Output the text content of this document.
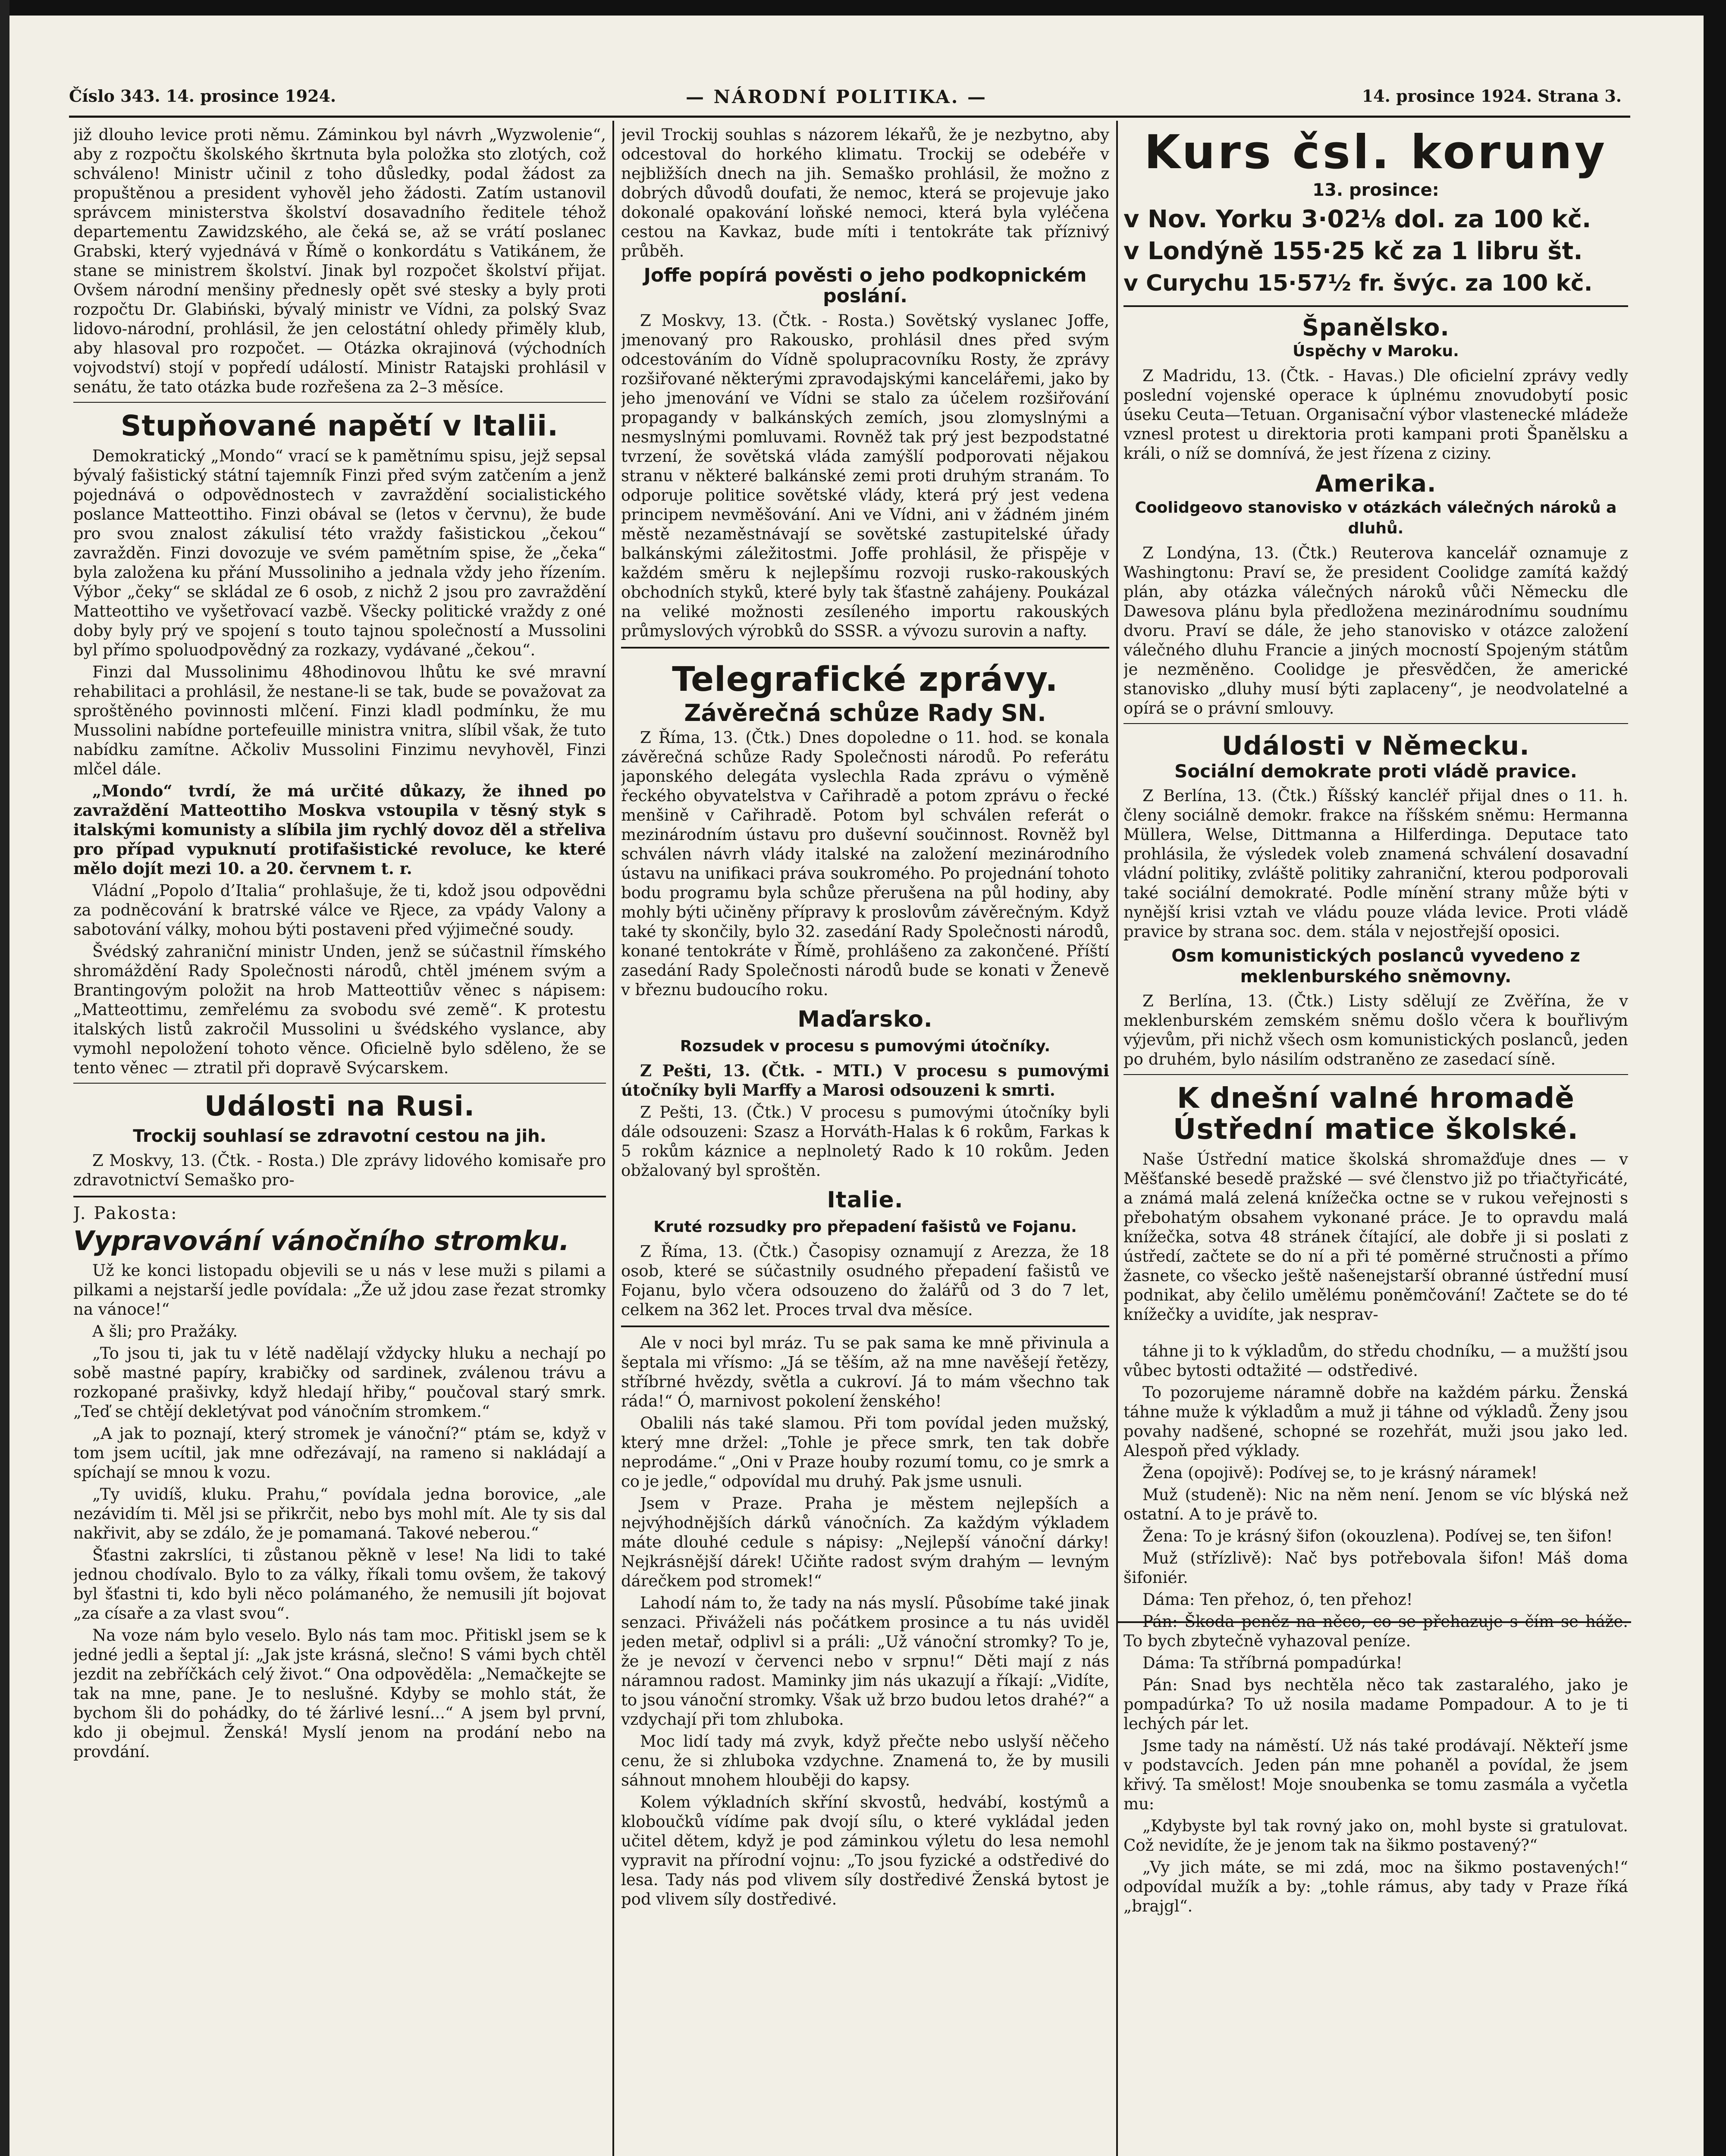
Číslo 343. 14. prosince 1924.	— NÁRODNÍ POLITIKA. —	14. prosince 1924. Strana 3.

již dlouho levice proti němu. Záminkou byl návrh „Wyzwolenie“, aby z rozpočtu školského škrtnuta byla položka sto zlotých, což schváleno! Ministr učinil z toho důsledky, podal žádost za propuštěnou a president vyhověl jeho žádosti. Zatím ustanovil správcem ministerstva školství dosavadního ředitele téhož departementu Zawidzského, ale čeká se, až se vrátí poslanec Grabski, který vyjednává v Římě o konkordátu s Vatikánem, že stane se ministrem školství. Jinak byl rozpočet školství přijat. Ovšem národní menšiny přednesly opět své stesky a byly proti rozpočtu Dr. Glabiński, bývalý ministr ve Vídni, za polský Svaz lidovo-národní, prohlásil, že jen celostátní ohledy přiměly klub, aby hlasoval pro rozpočet. — Otázka okrajinová (východních vojvodství) stojí v popředí událostí. Ministr Ratajski prohlásil v senátu, že tato otázka bude rozřešena za 2–3 měsíce.

Stupňované napětí v Italii.

Demokratický „Mondo“ vrací se k pamětnímu spisu, jejž sepsal bývalý fašistický státní tajemník Finzi před svým zatčením a jenž pojednává o odpovědnostech v zavraždění socialistického poslance Matteottiho. Finzi obával se (letos v červnu), že bude pro svou znalost zákulisí této vraždy fašistickou „čekou“ zavražděn. Finzi dovozuje ve svém pamětním spise, že „čeka“ byla založena ku přání Mussoliniho a jednala vždy jeho řízením. Výbor „čeky“ se skládal ze 6 osob, z nichž 2 jsou pro zavraždění Matteottiho ve vyšetřovací vazbě. Všecky politické vraždy z oné doby byly prý ve spojení s touto tajnou společností a Mussolini byl přímo spoluodpovědný za rozkazy, vydávané „čekou“.

Finzi dal Mussolinimu 48hodinovou lhůtu ke své mravní rehabilitaci a prohlásil, že nestane-li se tak, bude se považovat za sproštěného povinnosti mlčení. Finzi kladl podmínku, že mu Mussolini nabídne portefeuille ministra vnitra, slíbil však, že tuto nabídku zamítne. Ačkoliv Mussolini Finzimu nevyhověl, Finzi mlčel dále.

„Mondo“ tvrdí, že má určité důkazy, že ihned po zavraždění Matteottiho Moskva vstoupila v těsný styk s italskými komunisty a slíbila jim rychlý dovoz děl a střeliva pro případ vypuknutí protifašistické revoluce, ke které mělo dojít mezi 10. a 20. červnem t. r.

Vládní „Popolo d’Italia“ prohlašuje, že ti, kdož jsou odpovědni za podněcování k bratrské válce ve Rjece, za vpády Valony a sabotování války, mohou býti postaveni před výjimečné soudy.

Švédský zahraniční ministr Unden, jenž se súčastnil římského shromáždění Rady Společnosti národů, chtěl jménem svým a Brantingovým položit na hrob Matteottiův věnec s nápisem: „Matteottimu, zemřelému za svobodu své země“. K protestu italských listů zakročil Mussolini u švédského vyslance, aby vymohl nepoložení tohoto věnce. Oficielně bylo sděleno, že se tento věnec — ztratil při dopravě Svýcarskem.

Události na Rusi.
Trockij souhlasí se zdravotní cestou na jih.

Z Moskvy, 13. (Čtk. - Rosta.) Dle zprávy lidového komisaře pro zdravotnictví Semaško pro-

J. Pakosta:
Vypravování vánočního stromku.

Už ke konci listopadu objevili se u nás v lese muži s pilami a pilkami a nejstarší jedle povídala: „Že už jdou zase řezat stromky na vánoce!“

A šli; pro Pražáky.

„To jsou ti, jak tu v létě nadělají vždycky hluku a nechají po sobě mastné papíry, krabičky od sardinek, zválenou trávu a rozkopané prašivky, když hledají hřiby,“ poučoval starý smrk. „Teď se chtějí dekletývat pod vánočním stromkem.“

„A jak to poznají, který stromek je vánoční?“ ptám se, když v tom jsem ucítil, jak mne odřezávají, na rameno si nakládají a spíchají se mnou k vozu.

„Ty uvidíš, kluku. Prahu,“ povídala jedna borovice, „ale nezávidím ti. Měl jsi se přikrčit, nebo bys mohl mít. Ale ty sis dal nakřivit, aby se zdálo, že je pomamaná. Takové neberou.“

Šťastni zakrslíci, ti zůstanou pěkně v lese! Na lidi to také jednou chodívalo. Bylo to za války, říkali tomu ovšem, že takový byl šťastni ti, kdo byli něco polámaného, že nemusili jít bojovat „za císaře a za vlast svou“.

Na voze nám bylo veselo. Bylo nás tam moc. Přitiskl jsem se k jedné jedli a šeptal jí: „Jak jste krásná, slečno! S vámi bych chtěl jezdit na zebříčkách celý život.“ Ona odpověděla: „Nemačkejte se tak na mne, pane. Je to neslušné. Kdyby se mohlo stát, že bychom šli do pohádky, do té žárlivé lesní...“ A jsem byl první, kdo ji obejmul. Ženská! Myslí jenom na prodání nebo na provdání.

jevil Trockij souhlas s názorem lékařů, že je nezbytno, aby odcestoval do horkého klimatu. Trockij se odebéře v nejbližších dnech na jih. Semaško prohlásil, že možno z dobrých důvodů doufati, že nemoc, která se projevuje jako dokonalé opakování loňské nemoci, která byla vyléčena cestou na Kavkaz, bude míti i tentokráte tak příznivý průběh.

Joffe popírá pověsti o jeho podkopnickém poslání.

Z Moskvy, 13. (Čtk. - Rosta.) Sovětský vyslanec Joffe, jmenovaný pro Rakousko, prohlásil dnes před svým odcestováním do Vídně spolupracovníku Rosty, že zprávy rozšiřované některými zpravodajskými kancelářemi, jako by jeho jmenování ve Vídni se stalo za účelem rozšiřování propagandy v balkánských zemích, jsou zlomyslnými a nesmyslnými pomluvami. Rovněž tak prý jest bezpodstatné tvrzení, že sovětská vláda zamýšlí podporovati nějakou stranu v některé balkánské zemi proti druhým stranám. To odporuje politice sovětské vlády, která prý jest vedena principem nevměšování. Ani ve Vídni, ani v žádném jiném městě nezaměstnávají se sovětské zastupitelské úřady balkánskými záležitostmi. Joffe prohlásil, že přispěje v každém směru k nejlepšímu rozvoji rusko-rakouských obchodních styků, které byly tak šťastně zahájeny. Poukázal na veliké možnosti zesíleného importu rakouských průmyslových výrobků do SSSR. a vývozu surovin a nafty.

Telegrafické zprávy.
Závěrečná schůze Rady SN.

Z Říma, 13. (Čtk.) Dnes dopoledne o 11. hod. se konala závěrečná schůze Rady Společnosti národů. Po referátu japonského delegáta vyslechla Rada zprávu o výměně řeckého obyvatelstva v Cařihradě a potom zprávu o řecké menšině v Cařihradě. Potom byl schválen referát o mezinárodním ústavu pro duševní součinnost. Rovněž byl schválen návrh vlády italské na založení mezinárodního ústavu na unifikaci práva soukromého. Po projednání tohoto bodu programu byla schůze přerušena na půl hodiny, aby mohly býti učiněny přípravy k proslovům závěrečným. Když také ty skončily, bylo 32. zasedání Rady Společnosti národů, konané tentokráte v Římě, prohlášeno za zakončené. Příští zasedání Rady Společnosti národů bude se konati v Ženevě v březnu budoucího roku.

Maďarsko.
Rozsudek v procesu s pumovými útočníky.

Z Pešti, 13. (Čtk. - MTI.) V procesu s pumovými útočníky byli Marffy a Marosi odsouzeni k smrti.

Z Pešti, 13. (Čtk.) V procesu s pumovými útočníky byli dále odsouzeni: Szasz a Horváth-Halas k 6 rokům, Farkas k 5 rokům káznice a neplnoletý Rado k 10 rokům. Jeden obžalovaný byl sproštěn.

Italie.
Kruté rozsudky pro přepadení fašistů ve Fojanu.

Z Říma, 13. (Čtk.) Časopisy oznamují z Arezza, že 18 osob, které se súčastnily osudného přepadení fašistů ve Fojanu, bylo včera odsouzeno do žalářů od 3 do 7 let, celkem na 362 let. Proces trval dva měsíce.

Ale v noci byl mráz. Tu se pak sama ke mně přivinula a šeptala mi vřísmo: „Já se těším, až na mne navěšejí řetězy, stříbrné hvězdy, světla a cukroví. Já to mám všechno tak ráda!“ Ó, marnivost pokolení ženského!

Obalili nás také slamou. Při tom povídal jeden mužský, který mne držel: „Tohle je přece smrk, ten tak dobře neprodáme.“ „Oni v Praze houby rozumí tomu, co je smrk a co je jedle,“ odpovídal mu druhý. Pak jsme usnuli.

Jsem v Praze. Praha je městem nejlepších a nejvýhodnějších dárků vánočních. Za každým výkladem máte dlouhé cedule s nápisy: „Nejlepší vánoční dárky! Nejkrásnější dárek! Učiňte radost svým drahým — levným dárečkem pod stromek!“

Lahodí nám to, že tady na nás myslí. Působíme také jinak senzaci. Přiváželi nás počátkem prosince a tu nás uviděl jeden metař, odplivl si a práli: „Už vánoční stromky? To je, že je nevozí v červenci nebo v srpnu!“ Děti mají z nás náramnou radost. Maminky jim nás ukazují a říkají: „Vidíte, to jsou vánoční stromky. Však už brzo budou letos drahé?“ a vzdychají při tom zhluboka.

Moc lidí tady má zvyk, když přečte nebo uslyší něčeho cenu, že si zhluboka vzdychne. Znamená to, že by musili sáhnout mnohem hlouběji do kapsy.

Kolem výkladních skříní skvostů, hedvábí, kostýmů a kloboučků vídíme pak dvojí sílu, o které vykládal jeden učitel dětem, když je pod záminkou výletu do lesa nemohl vypravit na přírodní vojnu: „To jsou fyzické a odstředivé do lesa. Tady nás pod vlivem síly dostředivé Ženská bytost je pod vlivem síly dostředivé.

Kurs čsl. koruny
13. prosince:
v Nov. Yorku 3·02⅛ dol. za 100 kč.
v Londýně 155·25 kč za 1 libru št.
v Curychu 15·57½ fr. švýc. za 100 kč.
Španělsko.
Úspěchy v Maroku.

Z Madridu, 13. (Čtk. - Havas.) Dle oficielní zprávy vedly poslední vojenské operace k úplnému znovudobytí posic úseku Ceuta—Tetuan. Organisační výbor vlastenecké mládeže vznesl protest u direktoria proti kampani proti Španělsku a králi, o níž se domnívá, že jest řízena z ciziny.

Amerika.
Coolidgeovo stanovisko v otázkách válečných nároků a dluhů.

Z Londýna, 13. (Čtk.) Reuterova kancelář oznamuje z Washingtonu: Praví se, že president Coolidge zamítá každý plán, aby otázka válečných nároků vůči Německu dle Dawesova plánu byla předložena mezinárodnímu soudnímu dvoru. Praví se dále, že jeho stanovisko v otázce založení válečného dluhu Francie a jiných mocností Spojeným státům je nezměněno. Coolidge je přesvědčen, že americké stanovisko „dluhy musí býti zaplaceny“, je neodvolatelné a opírá se o právní smlouvy.

Události v Německu.
Sociální demokrate proti vládě pravice.

Z Berlína, 13. (Čtk.) Říšský kancléř přijal dnes o 11. h. členy sociálně demokr. frakce na říšském sněmu: Hermanna Müllera, Welse, Dittmanna a Hilferdinga. Deputace tato prohlásila, že výsledek voleb znamená schválení dosavadní vládní politiky, zvláště politiky zahraniční, kterou podporovali také sociální demokraté. Podle mínění strany může býti v nynější krisi vztah ve vládu pouze vláda levice. Proti vládě pravice by strana soc. dem. stála v nejostřejší oposici.

Osm komunistických poslanců vyvedeno z meklenburského sněmovny.

Z Berlína, 13. (Čtk.) Listy sdělují ze Zvěřína, že v meklenburském zemském sněmu došlo včera k bouřlivým výjevům, při nichž všech osm komunistických poslanců, jeden po druhém, bylo násilím odstraněno ze zasedací síně.

K dnešní valné hromadě Ústřední matice školské.

Naše Ústřední matice školská shromažďuje dnes — v Měšťanské besedě pražské — své členstvo již po třiačtyřicáté, a známá malá zelená knížečka octne se v rukou veřejnosti s přebohatým obsahem vykonané práce. Je to opravdu malá knížečka, sotva 48 stránek čítající, ale dobře ji si poslati z ústředí, začtete se do ní a při té poměrné stručnosti a přímo žasnete, co všecko ještě našenejstarší obranné ústřední musí podnikat, aby čelilo umělému poněmčování! Začtete se do té knížečky a uvidíte, jak nesprav-

táhne ji to k výkladům, do středu chodníku, — a mužští jsou vůbec bytosti odtažité — odstředivé.

To pozorujeme náramně dobře na každém párku. Ženská táhne muže k výkladům a muž ji táhne od výkladů. Ženy jsou povahy nadšené, schopné se rozehřát, muži jsou jako led. Alespoň před výklady.

Žena (opojivě): Podívej se, to je krásný náramek!

Muž (studeně): Nic na něm není. Jenom se víc blýská než ostatní. A to je právě to.

Žena: To je krásný šifon (okouzlena). Podívej se, ten šifon!

Muž (střízlivě): Nač bys potřebovala šifon! Máš doma šifoniér.

Dáma: Ten přehoz, ó, ten přehoz!

Pán: Škoda peněz na něco, co se přehazuje s čím se háže. To bych zbytečně vyhazoval peníze.

Dáma: Ta stříbrná pompadúrka!

Pán: Snad bys nechtěla něco tak zastaralého, jako je pompadúrka? To už nosila madame Pompadour. A to je ti lechých pár let.

Jsme tady na náměstí. Už nás také prodávají. Někteří jsme v podstavcích. Jeden pán mne pohaněl a povídal, že jsem křivý. Ta smělost! Moje snoubenka se tomu zasmála a vyčetla mu:

„Kdybyste byl tak rovný jako on, mohl byste si gratulovat. Což nevidíte, že je jenom tak na šikmo postavený?“

„Vy jich máte, se mi zdá, moc na šikmo postavených!“ odpovídal mužík a by: „tohle rámus, aby tady v Praze říká „brajgl“.
